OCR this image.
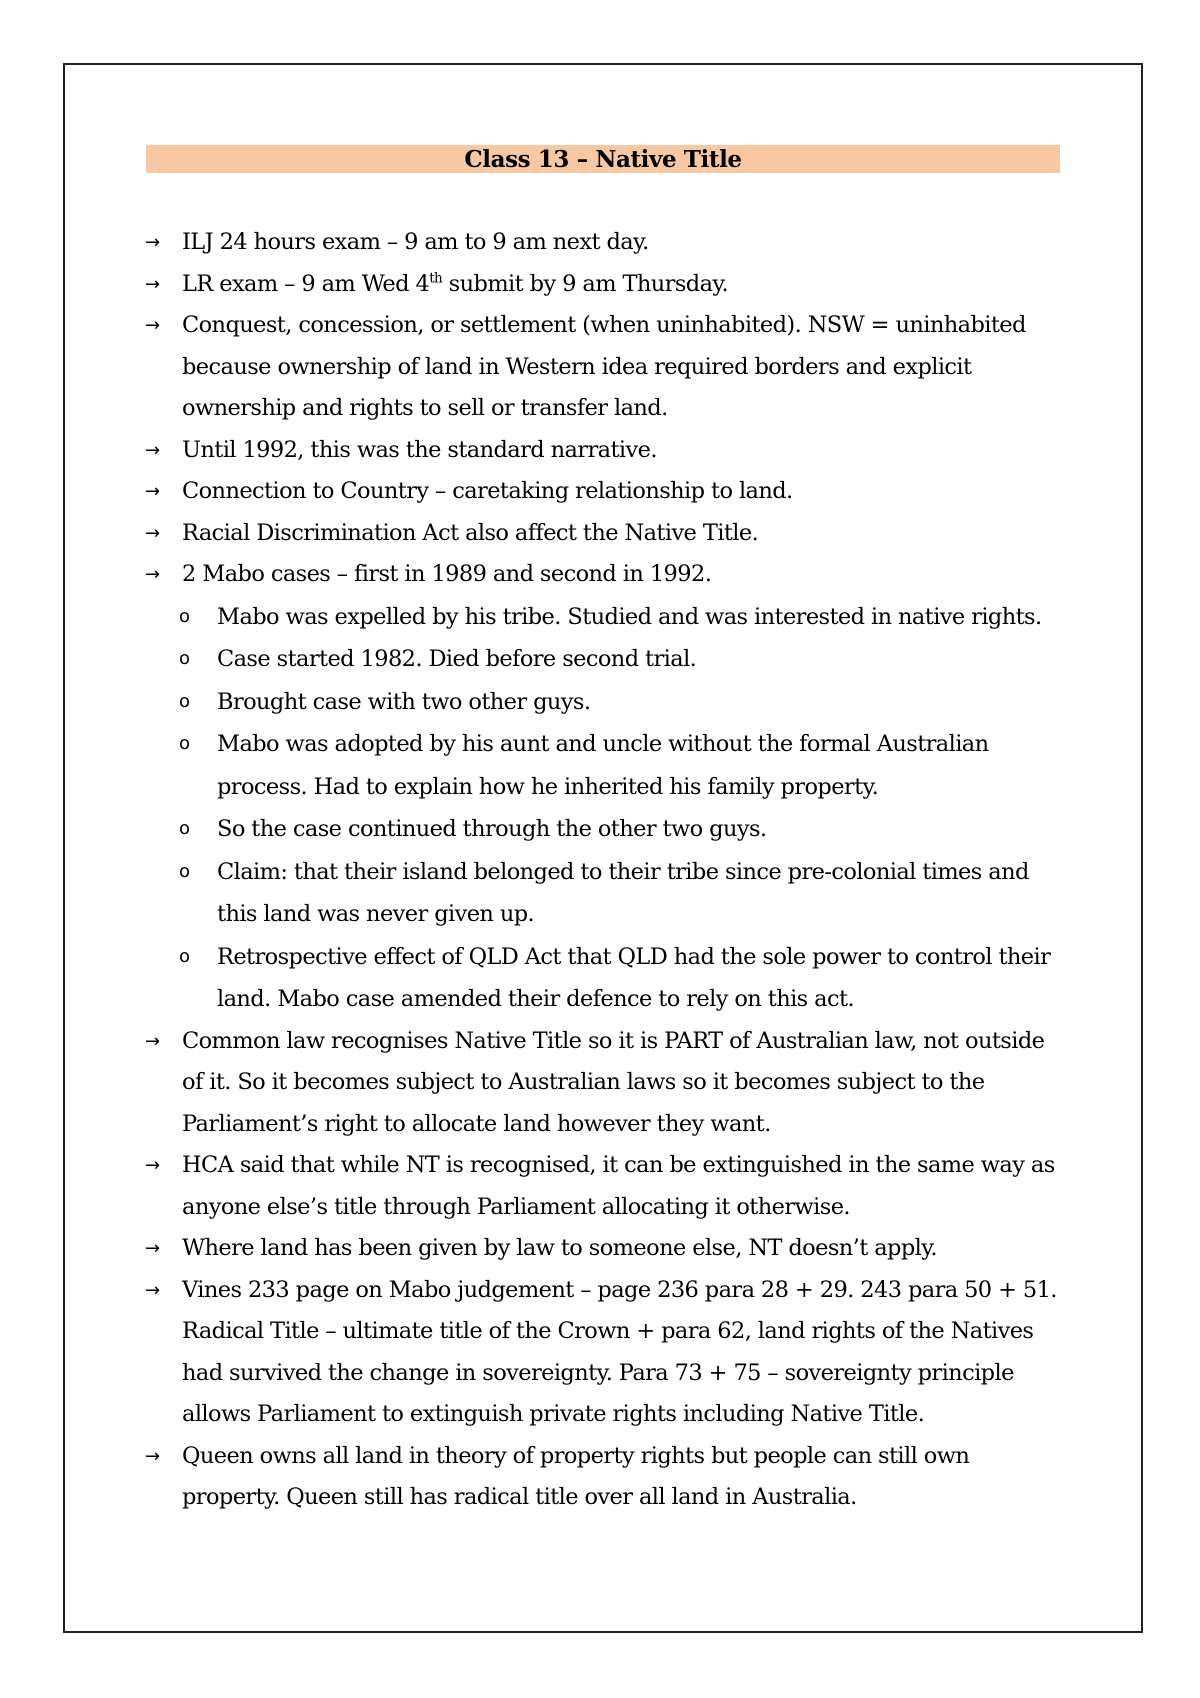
Class 13 – Native Title
→ ILJ 24 hours exam – 9 am to 9 am next day.
→ LR exam – 9 am Wed 4th submit by 9 am Thursday.
→ Conquest, concession, or settlement (when uninhabited). NSW = uninhabited because ownership of land in Western idea required borders and explicit ownership and rights to sell or transfer land.
→ Until 1992, this was the standard narrative.
→ Connection to Country – caretaking relationship to land.
→ Racial Discrimination Act also affect the Native Title.
→ 2 Mabo cases – first in 1989 and second in 1992.
o Mabo was expelled by his tribe. Studied and was interested in native rights.
o Case started 1982. Died before second trial.
o Brought case with two other guys.
o Mabo was adopted by his aunt and uncle without the formal Australian process. Had to explain how he inherited his family property.
o So the case continued through the other two guys.
o Claim: that their island belonged to their tribe since pre-colonial times and this land was never given up.
o Retrospective effect of QLD Act that QLD had the sole power to control their land. Mabo case amended their defence to rely on this act.
→ Common law recognises Native Title so it is PART of Australian law, not outside of it. So it becomes subject to Australian laws so it becomes subject to the Parliament’s right to allocate land however they want.
→ HCA said that while NT is recognised, it can be extinguished in the same way as anyone else’s title through Parliament allocating it otherwise.
→ Where land has been given by law to someone else, NT doesn’t apply.
→ Vines 233 page on Mabo judgement – page 236 para 28 + 29. 243 para 50 + 51. Radical Title – ultimate title of the Crown + para 62, land rights of the Natives had survived the change in sovereignty. Para 73 + 75 – sovereignty principle allows Parliament to extinguish private rights including Native Title.
→ Queen owns all land in theory of property rights but people can still own property. Queen still has radical title over all land in Australia.
